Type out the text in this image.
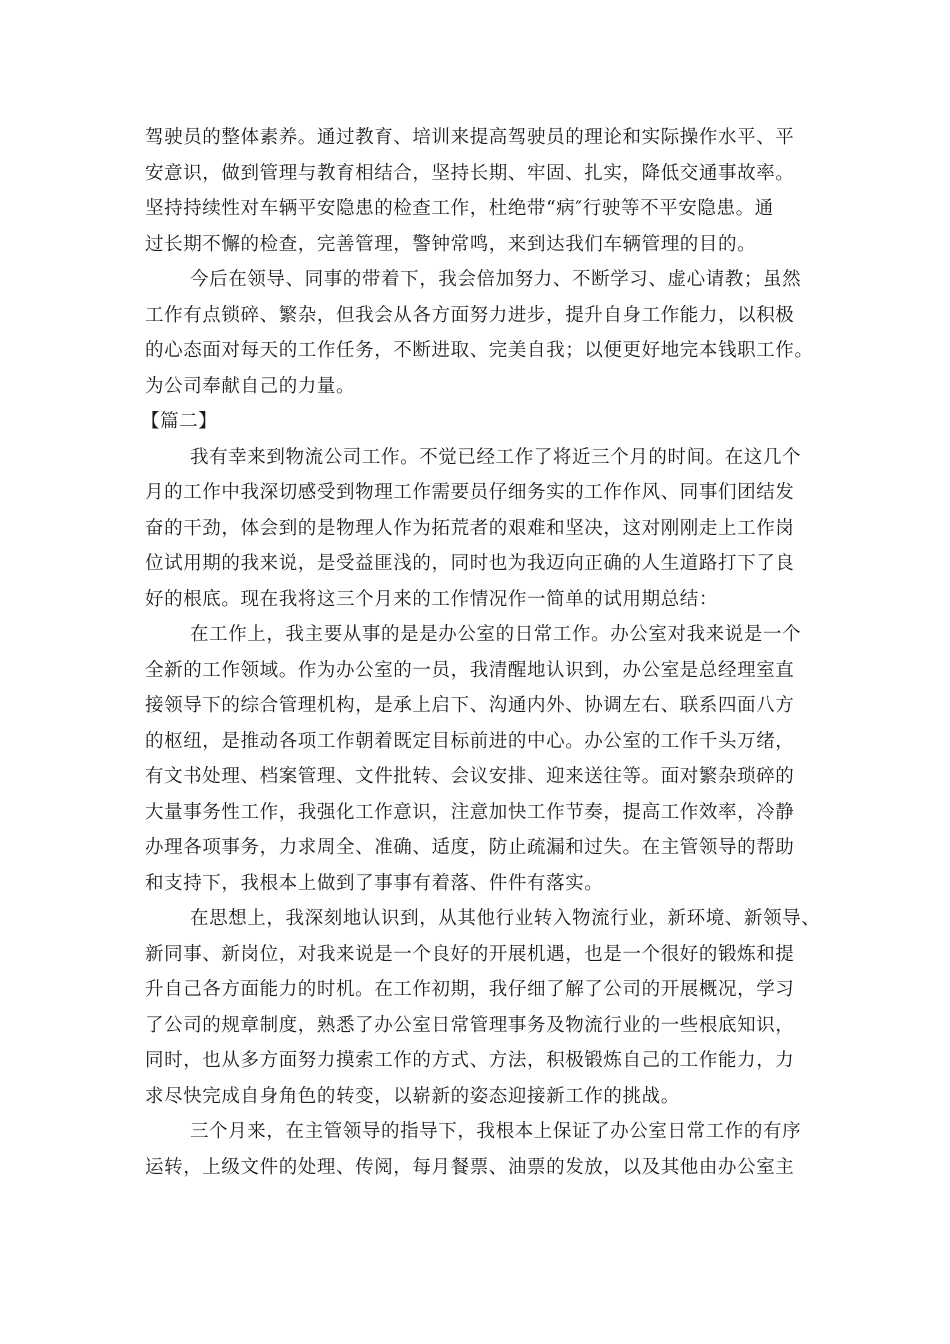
驾驶员的整体素养。通过教育、培训来提高驾驶员的理论和实际操作水平、平
安意识，做到管理与教育相结合，坚持长期、牢固、扎实，降低交通事故率。
坚持持续性对车辆平安隐患的检查工作，杜绝带“病″行驶等不平安隐患。通
过长期不懈的检查，完善管理，警钟常鸣，来到达我们车辆管理的目的。
今后在领导、同事的带着下，我会倍加努力、不断学习、虚心请教；虽然
工作有点锁碎、繁杂，但我会从各方面努力进步，提升自身工作能力，以积极
的心态面对每天的工作任务，不断进取、完美自我；以便更好地完本钱职工作。
为公司奉献自己的力量。
【篇二】
我有幸来到物流公司工作。不觉已经工作了将近三个月的时间。在这几个
月的工作中我深切感受到物理工作需要员仔细务实的工作作风、同事们团结发
奋的干劲，体会到的是物理人作为拓荒者的艰难和坚决，这对刚刚走上工作岗
位试用期的我来说，是受益匪浅的，同时也为我迈向正确的人生道路打下了良
好的根底。现在我将这三个月来的工作情况作一简单的试用期总结：
在工作上，我主要从事的是是办公室的日常工作。办公室对我来说是一个
全新的工作领域。作为办公室的一员，我清醒地认识到，办公室是总经理室直
接领导下的综合管理机构，是承上启下、沟通内外、协调左右、联系四面八方
的枢纽，是推动各项工作朝着既定目标前进的中心。办公室的工作千头万绪，
有文书处理、档案管理、文件批转、会议安排、迎来送往等。面对繁杂琐碎的
大量事务性工作，我强化工作意识，注意加快工作节奏，提高工作效率，冷静
办理各项事务，力求周全、准确、适度，防止疏漏和过失。在主管领导的帮助
和支持下，我根本上做到了事事有着落、件件有落实。
在思想上，我深刻地认识到，从其他行业转入物流行业，新环境、新领导、
新同事、新岗位，对我来说是一个良好的开展机遇，也是一个很好的锻炼和提
升自己各方面能力的时机。在工作初期，我仔细了解了公司的开展概况，学习
了公司的规章制度，熟悉了办公室日常管理事务及物流行业的一些根底知识，
同时，也从多方面努力摸索工作的方式、方法，积极锻炼自己的工作能力，力
求尽快完成自身角色的转变，以崭新的姿态迎接新工作的挑战。
三个月来，在主管领导的指导下，我根本上保证了办公室日常工作的有序
运转，上级文件的处理、传阅，每月餐票、油票的发放，以及其他由办公室主
